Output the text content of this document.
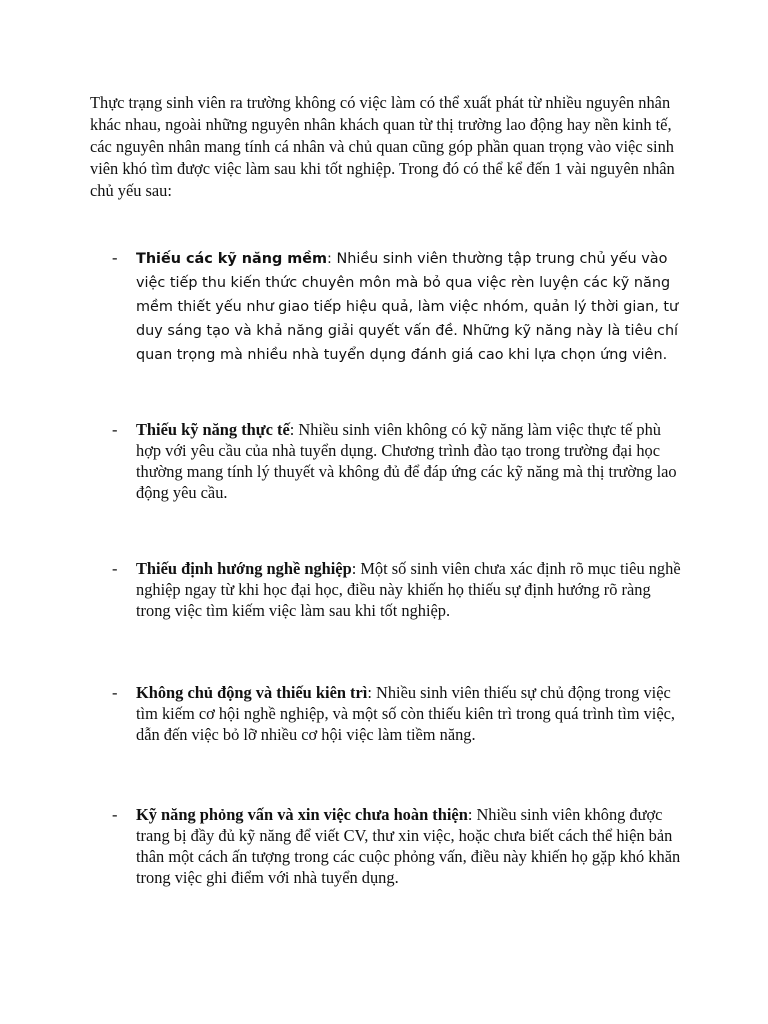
Thực trạng sinh viên ra trường không có việc làm có thể xuất phát từ nhiều nguyên nhân khác nhau, ngoài những nguyên nhân khách quan từ thị trường lao động hay nền kinh tế, các nguyên nhân mang tính cá nhân và chủ quan cũng góp phần quan trọng vào việc sinh viên khó tìm được việc làm sau khi tốt nghiệp. Trong đó có thể kể đến 1 vài nguyên nhân chủ yếu sau:

- Thiếu các kỹ năng mềm: Nhiều sinh viên thường tập trung chủ yếu vào việc tiếp thu kiến thức chuyên môn mà bỏ qua việc rèn luyện các kỹ năng mềm thiết yếu như giao tiếp hiệu quả, làm việc nhóm, quản lý thời gian, tư duy sáng tạo và khả năng giải quyết vấn đề. Những kỹ năng này là tiêu chí quan trọng mà nhiều nhà tuyển dụng đánh giá cao khi lựa chọn ứng viên.

- Thiếu kỹ năng thực tế: Nhiều sinh viên không có kỹ năng làm việc thực tế phù hợp với yêu cầu của nhà tuyển dụng. Chương trình đào tạo trong trường đại học thường mang tính lý thuyết và không đủ để đáp ứng các kỹ năng mà thị trường lao động yêu cầu.

- Thiếu định hướng nghề nghiệp: Một số sinh viên chưa xác định rõ mục tiêu nghề nghiệp ngay từ khi học đại học, điều này khiến họ thiếu sự định hướng rõ ràng trong việc tìm kiếm việc làm sau khi tốt nghiệp.

- Không chủ động và thiếu kiên trì: Nhiều sinh viên thiếu sự chủ động trong việc tìm kiếm cơ hội nghề nghiệp, và một số còn thiếu kiên trì trong quá trình tìm việc, dẫn đến việc bỏ lỡ nhiều cơ hội việc làm tiềm năng.

- Kỹ năng phỏng vấn và xin việc chưa hoàn thiện: Nhiều sinh viên không được trang bị đầy đủ kỹ năng để viết CV, thư xin việc, hoặc chưa biết cách thể hiện bản thân một cách ấn tượng trong các cuộc phỏng vấn, điều này khiến họ gặp khó khăn trong việc ghi điểm với nhà tuyển dụng.
